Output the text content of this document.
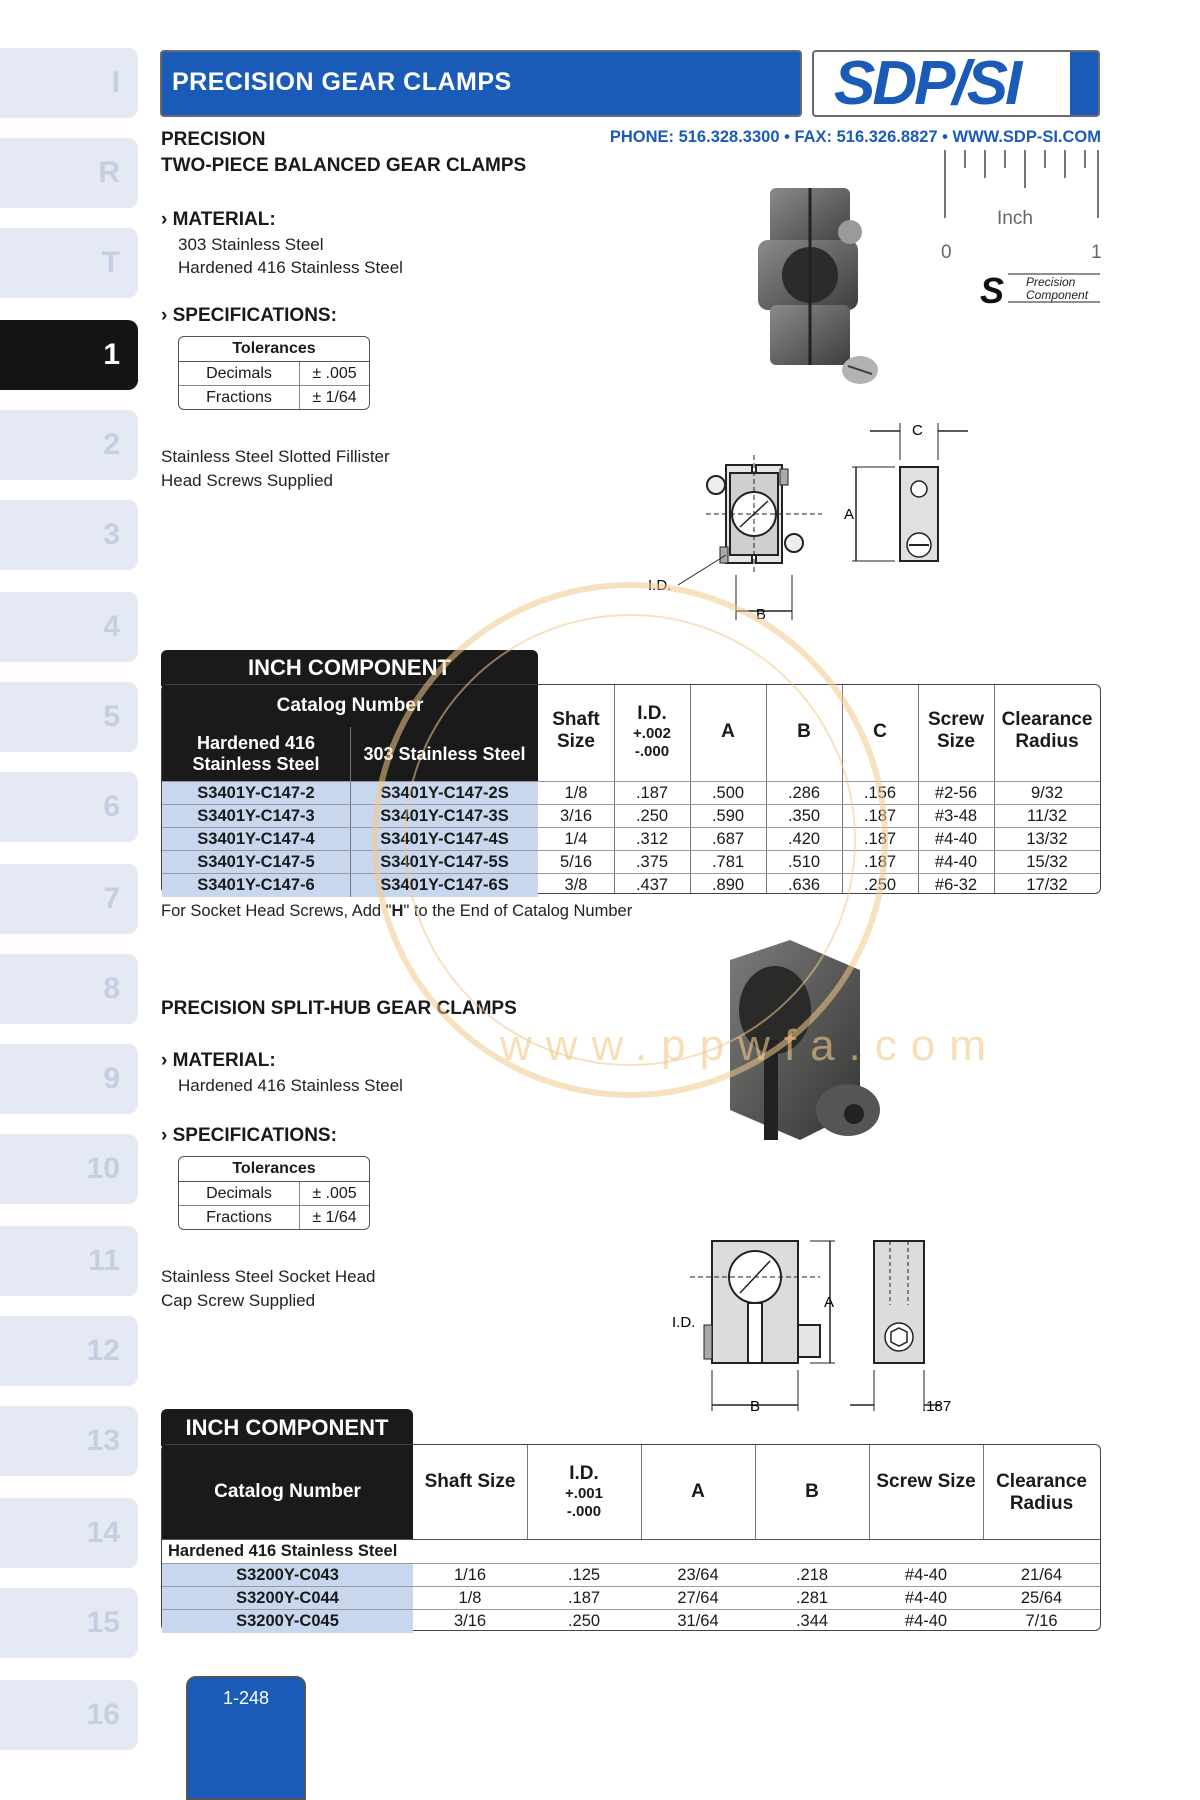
I
R
T
1
2
3
4
5
6
7
8
9
10
11
12
13
14
15
16
PRECISION GEAR CLAMPS	SDP/SI
PHONE: 516.328.3300 • FAX: 516.326.8827 • WWW.SDP-SI.COM
Inch
0	1
S Precision
Component
PRECISION
TWO-PIECE BALANCED GEAR CLAMPS
› MATERIAL:
303 Stainless Steel
Hardened 416 Stainless Steel
› SPECIFICATIONS:
Tolerances
Decimals	± .005
Fractions	± 1/64
Stainless Steel Slotted Fillister
Head Screws Supplied
B
I.D.
C
A
INCH COMPONENT
Catalog Number
Hardened 416 Stainless Steel	303 Stainless Steel
Shaft Size
I.D.
+.002
-.000
A	B	C
Screw Size
Clearance Radius
S3401Y-C147-2	S3401Y-C147-2S	1/8	.187	.500	.286	.156	#2-56	9/32
S3401Y-C147-3	S3401Y-C147-3S	3/16	.250	.590	.350	.187	#3-48	11/32
S3401Y-C147-4	S3401Y-C147-4S	1/4	.312	.687	.420	.187	#4-40	13/32
S3401Y-C147-5	S3401Y-C147-5S	5/16	.375	.781	.510	.187	#4-40	15/32
S3401Y-C147-6	S3401Y-C147-6S	3/8	.437	.890	.636	.250	#6-32	17/32
For Socket Head Screws, Add "H" to the End of Catalog Number
PRECISION SPLIT-HUB GEAR CLAMPS
› MATERIAL:
Hardened 416 Stainless Steel
› SPECIFICATIONS:
Tolerances
Decimals	± .005
Fractions	± 1/64
Stainless Steel Socket Head
Cap Screw Supplied
I.D.
B
A
.187
INCH COMPONENT
Catalog Number	Shaft Size	I.D.
+.001
-.000
A	B	Screw Size	Clearance Radius
Hardened 416 Stainless Steel
S3200Y-C043	1/16	.125	23/64	.218	#4-40	21/64
S3200Y-C044	1/8	.187	27/64	.281	#4-40	25/64
S3200Y-C045	3/16	.250	31/64	.344	#4-40	7/16
1-248
www.ppwfa.com
